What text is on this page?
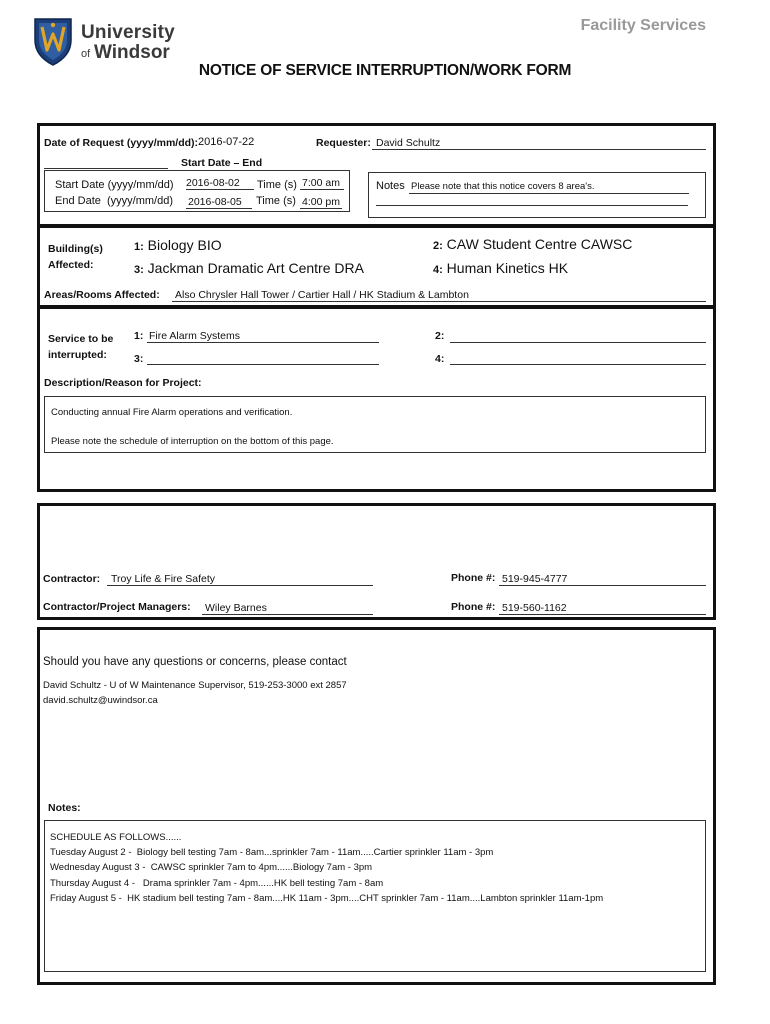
University
of Windsor
Facility Services
NOTICE OF SERVICE INTERRUPTION/WORK FORM
Date of Request (yyyy/mm/dd): 2016-07-22	Requester: David Schultz
Start Date – End
Start Date (yyyy/mm/dd) 2016-08-02	Time (s) 7:00 am
End Date  (yyyy/mm/dd) 2016-08-05	Time (s) 4:00 pm
Notes Please note that this notice covers 8 area's.
Building(s)
Affected:
1: Biology BIO	2: CAW Student Centre CAWSC
3: Jackman Dramatic Art Centre DRA	4: Human Kinetics HK
Areas/Rooms Affected: Also Chrysler Hall Tower / Cartier Hall / HK Stadium & Lambton
Service to be
interrupted:
1: Fire Alarm Systems	2:
3:	4:
Description/Reason for Project:
Conducting annual Fire Alarm operations and verification.
Please note the schedule of interruption on the bottom of this page.
Contractor:	Troy Life & Fire Safety	Phone #: 519-945-4777
Contractor/Project Managers: Wiley Barnes	Phone #: 519-560-1162
Should you have any questions or concerns, please contact
David Schultz - U of W Maintenance Supervisor, 519-253-3000 ext 2857
david.schultz@uwindsor.ca
Notes:
SCHEDULE AS FOLLOWS......
Tuesday August 2 -  Biology bell testing 7am - 8am...sprinkler 7am - 11am.....Cartier sprinkler 11am - 3pm
Wednesday August 3 -  CAWSC sprinkler 7am to 4pm......Biology 7am - 3pm
Thursday August 4 -   Drama sprinkler 7am - 4pm......HK bell testing 7am - 8am
Friday August 5 -  HK stadium bell testing 7am - 8am....HK 11am - 3pm....CHT sprinkler 7am - 11am....Lambton sprinkler 11am-1pm
